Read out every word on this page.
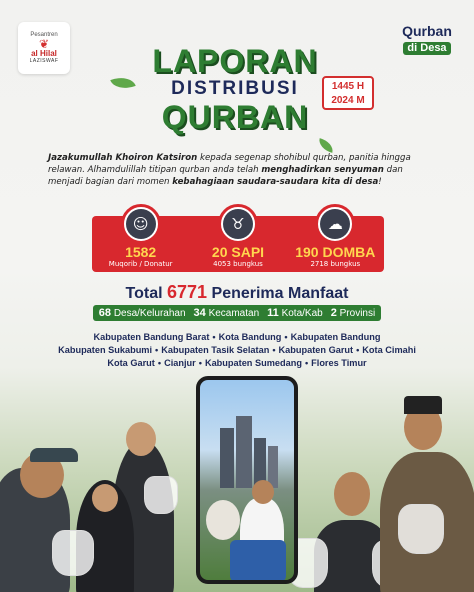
Pesantren
❦
al Hilal
LAZISWAF
Qurban
di Desa
LAPORAN
DISTRIBUSI
QURBAN
1445 H
2024 M
Jazakumullah Khoiron Katsiron kepada segenap shohibul qurban, panitia hingga relawan. Alhamdulillah titipan qurban anda telah menghadirkan senyuman dan menjadi bagian dari momen kebahagiaan saudara-saudara kita di desa!
☺
1582
Muqorib / Donatur
♉
20 SAPI
4053 bungkus
☁
190 DOMBA
2718 bungkus
Total 6771 Penerima Manfaat
68 Desa/Kelurahan 34 Kecamatan 11 Kota/Kab 2 Provinsi
Kabupaten Bandung Barat • Kota Bandung • Kabupaten Bandung
Kabupaten Sukabumi • Kabupaten Tasik Selatan • Kabupaten Garut • Kota Cimahi
Kota Garut • Cianjur • Kabupaten Sumedang • Flores Timur
